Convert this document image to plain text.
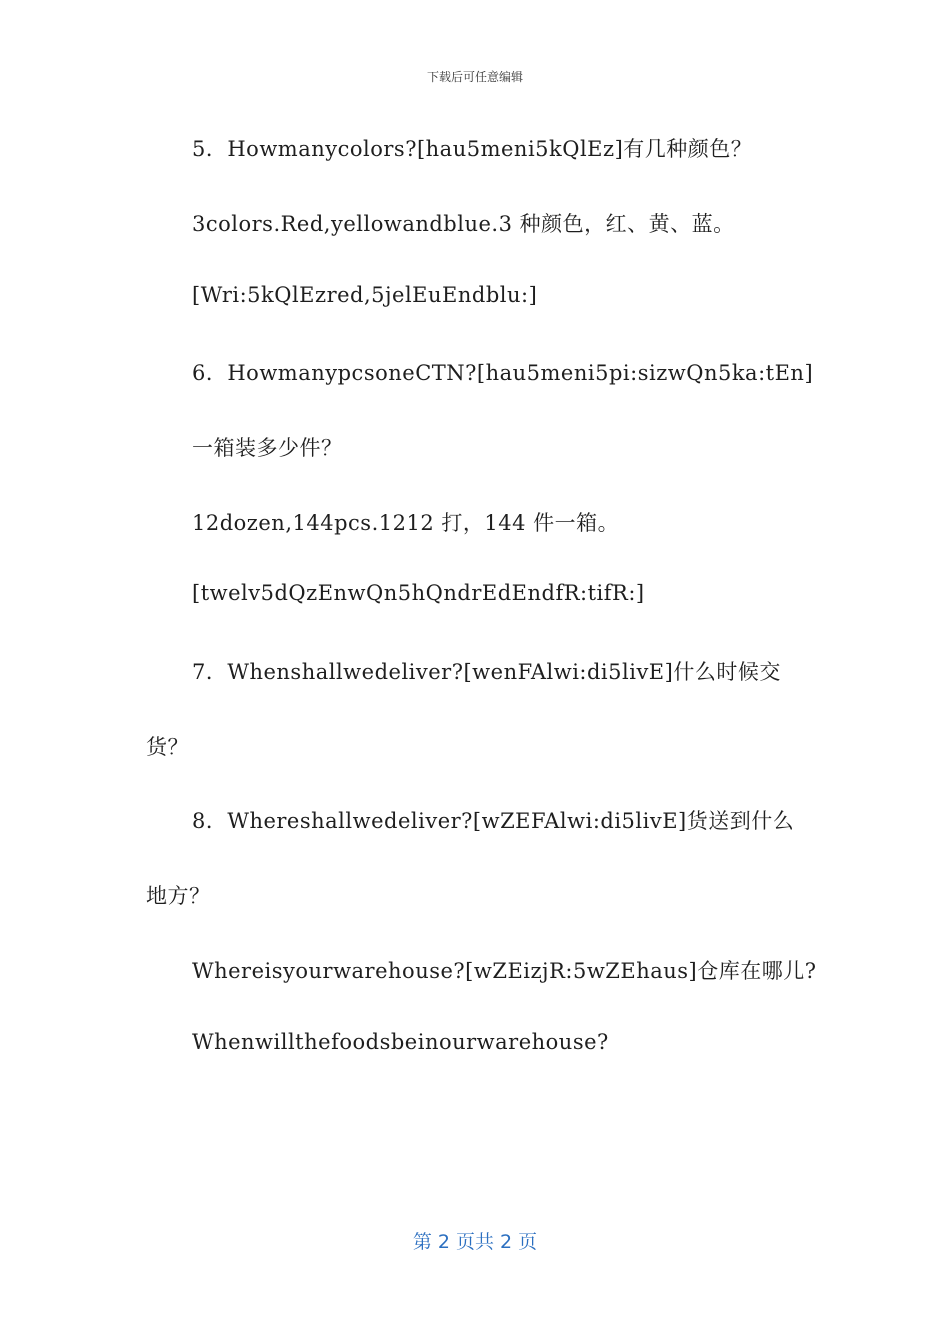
下载后可任意编辑
5．Howmanycolors?[hau5meni5kQlEz]有几种颜色？
3colors.Red,yellowandblue.3 种颜色，红、黄、蓝。
[Wri:5kQlEzred,5jelEuEndblu:]
6．HowmanypcsoneCTN?[hau5meni5pi:sizwQn5ka:tEn]
一箱装多少件？
12dozen,144pcs.1212 打，144 件一箱。
[twelv5dQzEnwQn5hQndrEdEndfR:tifR:]
7．Whenshallwedeliver?[wenFAlwi:di5livE]什么时候交
货？
8．Whereshallwedeliver?[wZEFAlwi:di5livE]货送到什么
地方？
Whereisyourwarehouse?[wZEizjR:5wZEhaus]仓库在哪儿?
Whenwillthefoodsbeinourwarehouse?
第 2 页共 2 页
